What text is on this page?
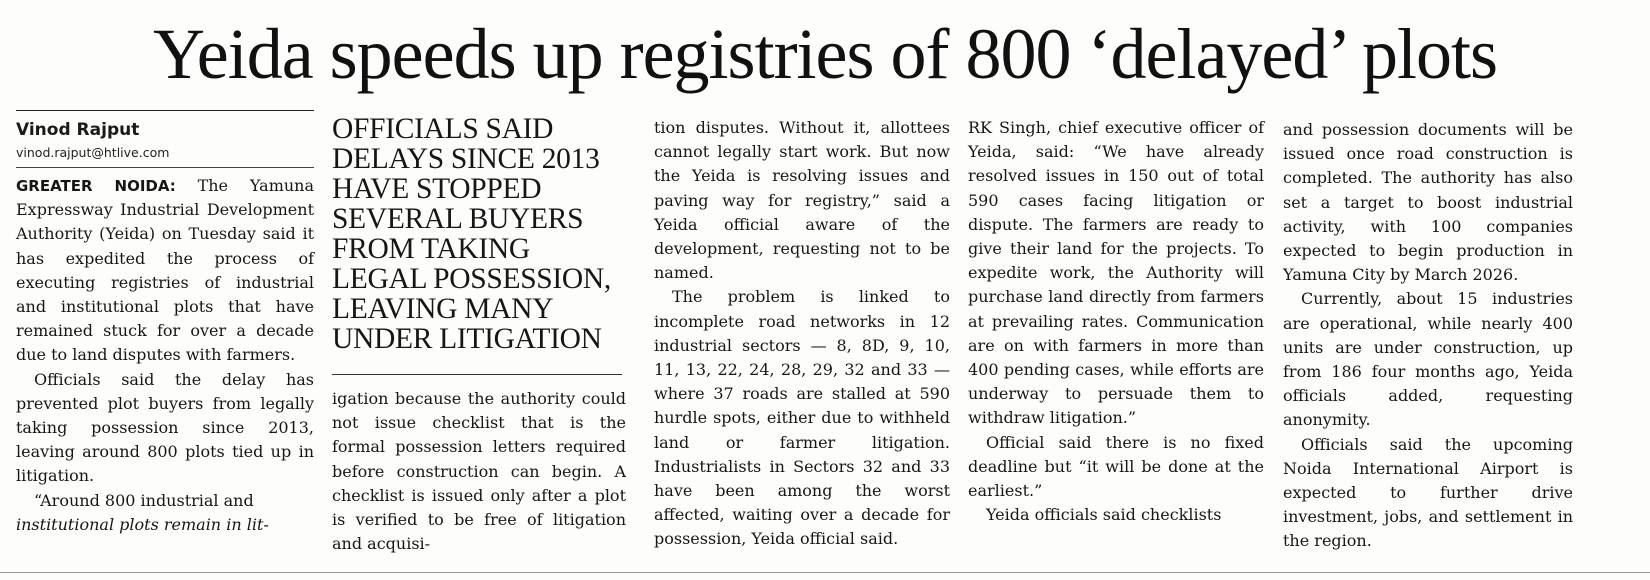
Yeida speeds up registries of 800 ‘delayed’ plots
Vinod Rajput
vinod.rajput@htlive.com

GREATER NOIDA: The Yamuna Expressway Industrial Development Authority (Yeida) on Tuesday said it has expedited the process of executing registries of industrial and institutional plots that have remained stuck for over a decade due to land disputes with farmers.

Officials said the delay has prevented plot buyers from legally taking possession since 2013, leaving around 800 plots tied up in litigation.

“Around 800 industrial and
institutional plots remain in lit-

OFFICIALS SAID DELAYS SINCE 2013 HAVE STOPPED SEVERAL BUYERS FROM TAKING LEGAL POSSESSION, LEAVING MANY UNDER LITIGATION

igation because the authority could not issue checklist that is the formal possession letters required before construction can begin. A checklist is issued only after a plot is verified to be free of litigation and acquisi-

tion disputes. Without it, allottees cannot legally start work. But now the Yeida is resolving issues and paving way for registry,” said a Yeida official aware of the development, requesting not to be named.

The problem is linked to incomplete road networks in 12 industrial sectors — 8, 8D, 9, 10, 11, 13, 22, 24, 28, 29, 32 and 33 — where 37 roads are stalled at 590 hurdle spots, either due to withheld land or farmer litigation. Industrialists in Sectors 32 and 33 have been among the worst affected, waiting over a decade for possession, Yeida official said.

RK Singh, chief executive officer of Yeida, said: “We have already resolved issues in 150 out of total 590 cases facing litigation or dispute. The farmers are ready to give their land for the projects. To expedite work, the Authority will purchase land directly from farmers at prevailing rates. Communication are on with farmers in more than 400 pending cases, while efforts are underway to persuade them to withdraw litigation.”

Official said there is no fixed deadline but “it will be done at the earliest.”

Yeida officials said checklists

and possession documents will be issued once road construction is completed. The authority has also set a target to boost industrial activity, with 100 companies expected to begin production in Yamuna City by March 2026.

Currently, about 15 industries are operational, while nearly 400 units are under construction, up from 186 four months ago, Yeida officials added, requesting anonymity.

Officials said the upcoming Noida International Airport is expected to further drive investment, jobs, and settlement in the region.
